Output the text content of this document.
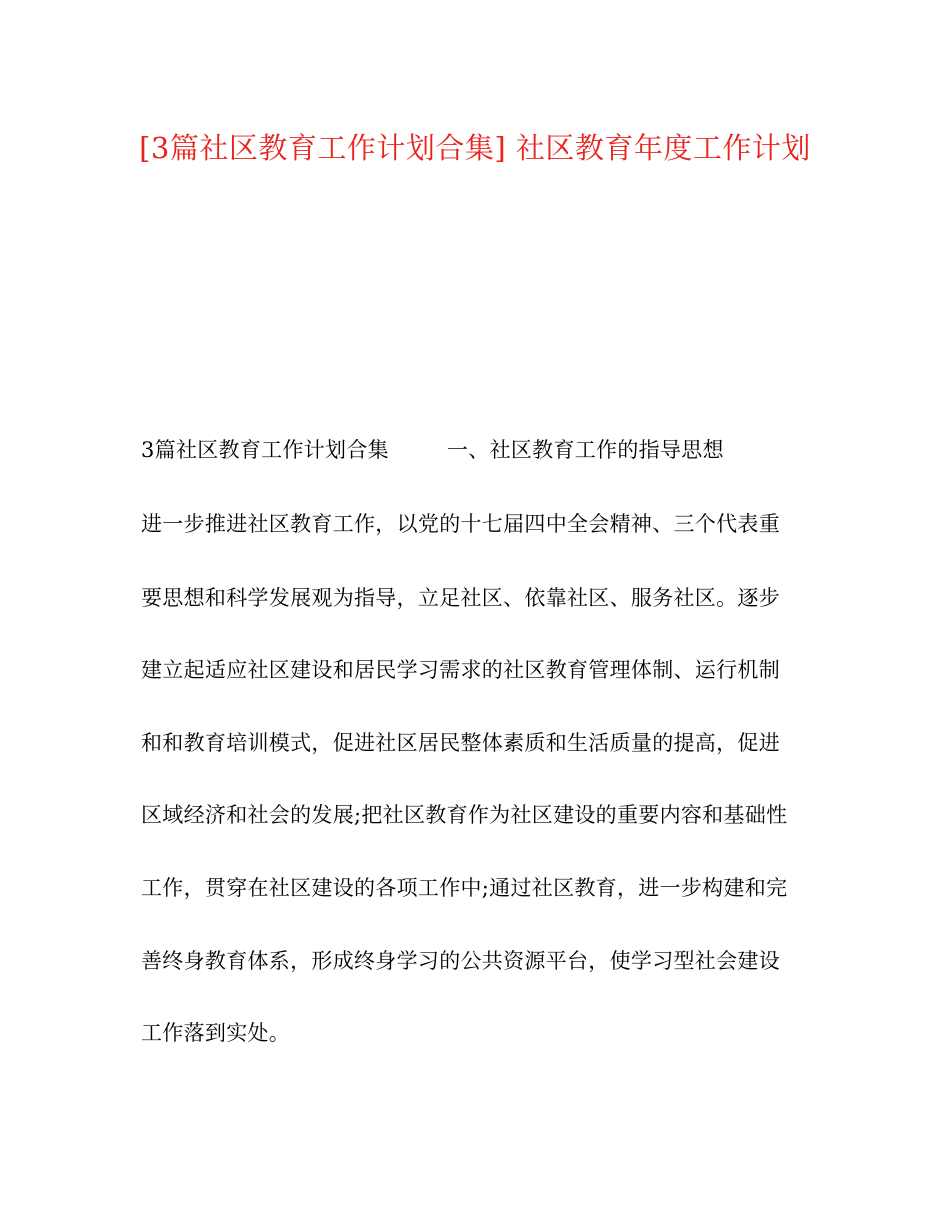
[3篇社区教育工作计划合集] 社区教育年度工作计划
3篇社区教育工作计划合集	一、社区教育工作的指导思想
进一步推进社区教育工作，以党的十七届四中全会精神、三个代表重
要思想和科学发展观为指导，立足社区、依靠社区、服务社区。逐步
建立起适应社区建设和居民学习需求的社区教育管理体制、运行机制
和和教育培训模式，促进社区居民整体素质和生活质量的提高，促进
区域经济和社会的发展;把社区教育作为社区建设的重要内容和基础性
工作，贯穿在社区建设的各项工作中;通过社区教育，进一步构建和完
善终身教育体系，形成终身学习的公共资源平台，使学习型社会建设
工作落到实处。
